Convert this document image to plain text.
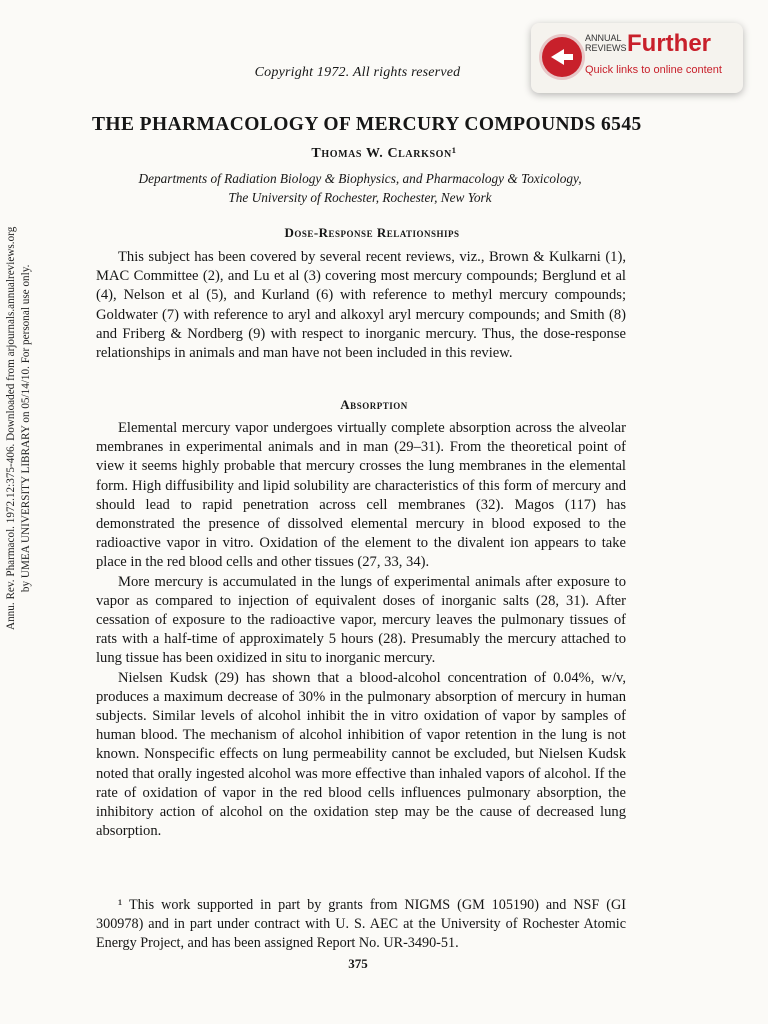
Annu. Rev. Pharmacol. 1972.12:375-406. Downloaded from arjournals.annualreviews.org by UMEA UNIVERSITY LIBRARY on 05/14/10. For personal use only.
ANNUAL
REVIEWS Further
Quick links to online content
Copyright 1972. All rights reserved
THE PHARMACOLOGY OF MERCURY COMPOUNDS 6545
Thomas W. Clarkson¹
Departments of Radiation Biology & Biophysics, and Pharmacology & Toxicology,
The University of Rochester, Rochester, New York
Dose-Response Relationships

This subject has been covered by several recent reviews, viz., Brown & Kulkarni (1), MAC Committee (2), and Lu et al (3) covering most mercury compounds; Berglund et al (4), Nelson et al (5), and Kurland (6) with reference to methyl mercury compounds; Goldwater (7) with reference to aryl and alkoxyl aryl mercury compounds; and Smith (8) and Friberg & Nordberg (9) with respect to inorganic mercury. Thus, the dose-response relationships in animals and man have not been included in this review.

Absorption

Elemental mercury vapor undergoes virtually complete absorption across the alveolar membranes in experimental animals and in man (29–31). From the theoretical point of view it seems highly probable that mercury crosses the lung membranes in the elemental form. High diffusibility and lipid solubility are characteristics of this form of mercury and should lead to rapid penetration across cell membranes (32). Magos (117) has demonstrated the presence of dissolved elemental mercury in blood exposed to the radioactive vapor in vitro. Oxidation of the element to the divalent ion appears to take place in the red blood cells and other tissues (27, 33, 34).

More mercury is accumulated in the lungs of experimental animals after exposure to vapor as compared to injection of equivalent doses of inorganic salts (28, 31). After cessation of exposure to the radioactive vapor, mercury leaves the pulmonary tissues of rats with a half-time of approximately 5 hours (28). Presumably the mercury attached to lung tissue has been oxidized in situ to inorganic mercury.

Nielsen Kudsk (29) has shown that a blood-alcohol concentration of 0.04%, w/v, produces a maximum decrease of 30% in the pulmonary absorption of mercury in human subjects. Similar levels of alcohol inhibit the in vitro oxidation of vapor by samples of human blood. The mechanism of alcohol inhibition of vapor retention in the lung is not known. Nonspecific effects on lung permeability cannot be excluded, but Nielsen Kudsk noted that orally ingested alcohol was more effective than inhaled vapors of alcohol. If the rate of oxidation of vapor in the red blood cells influences pulmonary absorption, the inhibitory action of alcohol on the oxidation step may be the cause of decreased lung absorption.

¹ This work supported in part by grants from NIGMS (GM 105190) and NSF (GI 300978) and in part under contract with U. S. AEC at the University of Rochester Atomic Energy Project, and has been assigned Report No. UR-3490-51.
375
